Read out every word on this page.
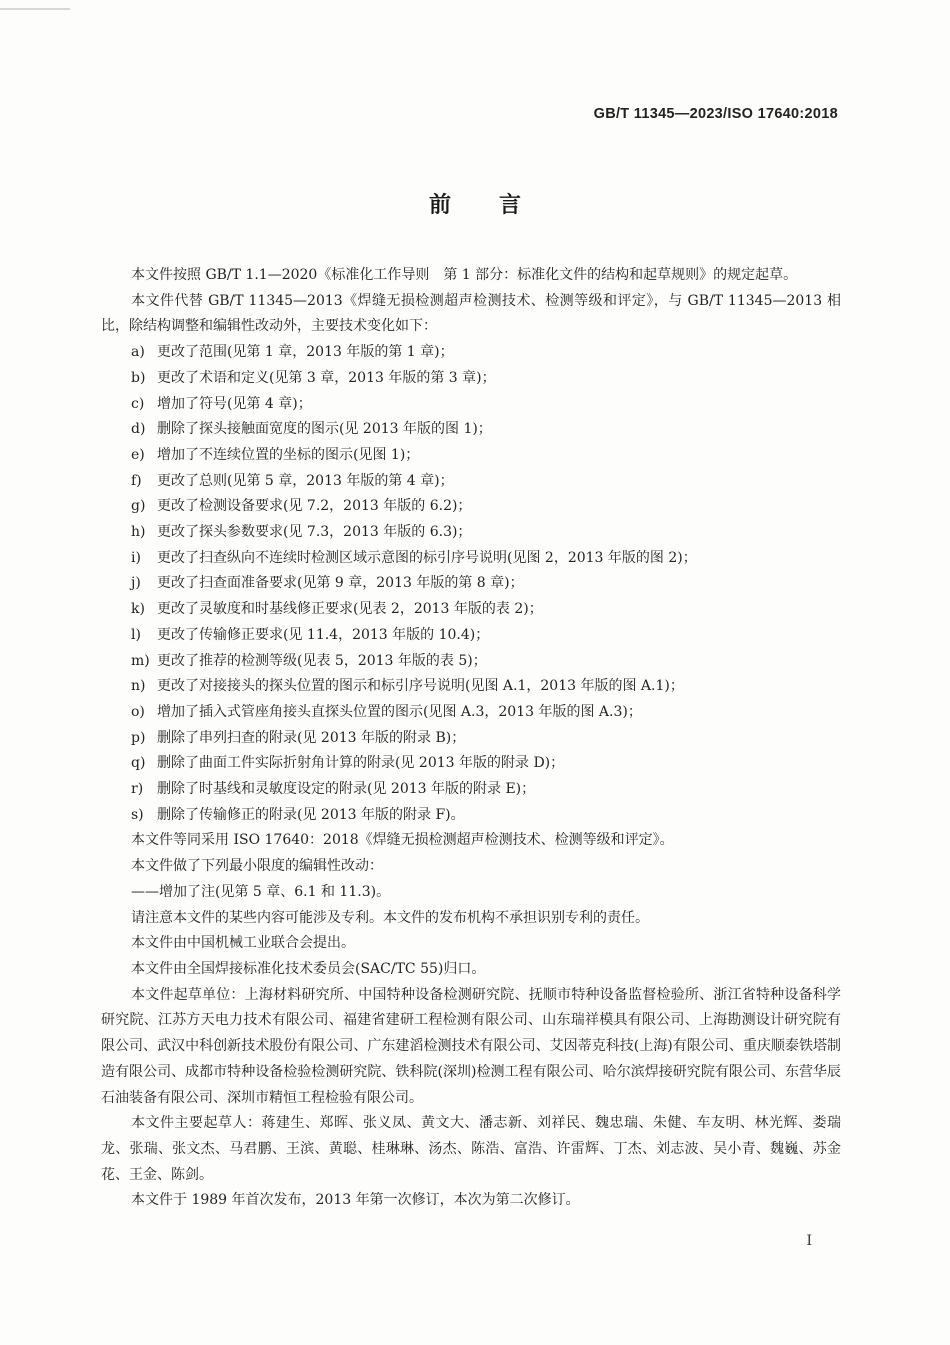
GB/T 11345—2023/ISO 17640:2018
前言

本文件按照 GB/T 1.1—2020《标准化工作导则　第 1 部分：标准化文件的结构和起草规则》的规定起草。

本文件代替 GB/T 11345—2013《焊缝无损检测超声检测技术、检测等级和评定》，与 GB/T 11345—2013 相比，除结构调整和编辑性改动外，主要技术变化如下：

a) 更改了范围(见第 1 章，2013 年版的第 1 章)；

b) 更改了术语和定义(见第 3 章，2013 年版的第 3 章)；

c) 增加了符号(见第 4 章)；

d) 删除了探头接触面宽度的图示(见 2013 年版的图 1)；

e) 增加了不连续位置的坐标的图示(见图 1)；

f) 更改了总则(见第 5 章，2013 年版的第 4 章)；

g) 更改了检测设备要求(见 7.2，2013 年版的 6.2)；

h) 更改了探头参数要求(见 7.3，2013 年版的 6.3)；

i) 更改了扫查纵向不连续时检测区域示意图的标引序号说明(见图 2，2013 年版的图 2)；

j) 更改了扫查面准备要求(见第 9 章，2013 年版的第 8 章)；

k) 更改了灵敏度和时基线修正要求(见表 2，2013 年版的表 2)；

l) 更改了传输修正要求(见 11.4，2013 年版的 10.4)；

m) 更改了推荐的检测等级(见表 5，2013 年版的表 5)；

n) 更改了对接接头的探头位置的图示和标引序号说明(见图 A.1，2013 年版的图 A.1)；

o) 增加了插入式管座角接头直探头位置的图示(见图 A.3，2013 年版的图 A.3)；

p) 删除了串列扫查的附录(见 2013 年版的附录 B)；

q) 删除了曲面工件实际折射角计算的附录(见 2013 年版的附录 D)；

r) 删除了时基线和灵敏度设定的附录(见 2013 年版的附录 E)；

s) 删除了传输修正的附录(见 2013 年版的附录 F)。

本文件等同采用 ISO 17640：2018《焊缝无损检测超声检测技术、检测等级和评定》。

本文件做了下列最小限度的编辑性改动：

——增加了注(见第 5 章、6.1 和 11.3)。

请注意本文件的某些内容可能涉及专利。本文件的发布机构不承担识别专利的责任。

本文件由中国机械工业联合会提出。

本文件由全国焊接标准化技术委员会(SAC/TC 55)归口。

本文件起草单位：上海材料研究所、中国特种设备检测研究院、抚顺市特种设备监督检验所、浙江省特种设备科学研究院、江苏方天电力技术有限公司、福建省建研工程检测有限公司、山东瑞祥模具有限公司、上海勘测设计研究院有限公司、武汉中科创新技术股份有限公司、广东建滔检测技术有限公司、艾因蒂克科技(上海)有限公司、重庆顺泰铁塔制造有限公司、成都市特种设备检验检测研究院、铁科院(深圳)检测工程有限公司、哈尔滨焊接研究院有限公司、东营华辰石油装备有限公司、深圳市精恒工程检验有限公司。

本文件主要起草人：蒋建生、郑晖、张义凤、黄文大、潘志新、刘祥民、魏忠瑞、朱健、车友明、林光辉、娄瑞龙、张瑞、张文杰、马君鹏、王滨、黄聪、桂琳琳、汤杰、陈浩、富浩、许雷辉、丁杰、刘志波、吴小青、魏巍、苏金花、王金、陈剑。

本文件于 1989 年首次发布，2013 年第一次修订，本次为第二次修订。

I
